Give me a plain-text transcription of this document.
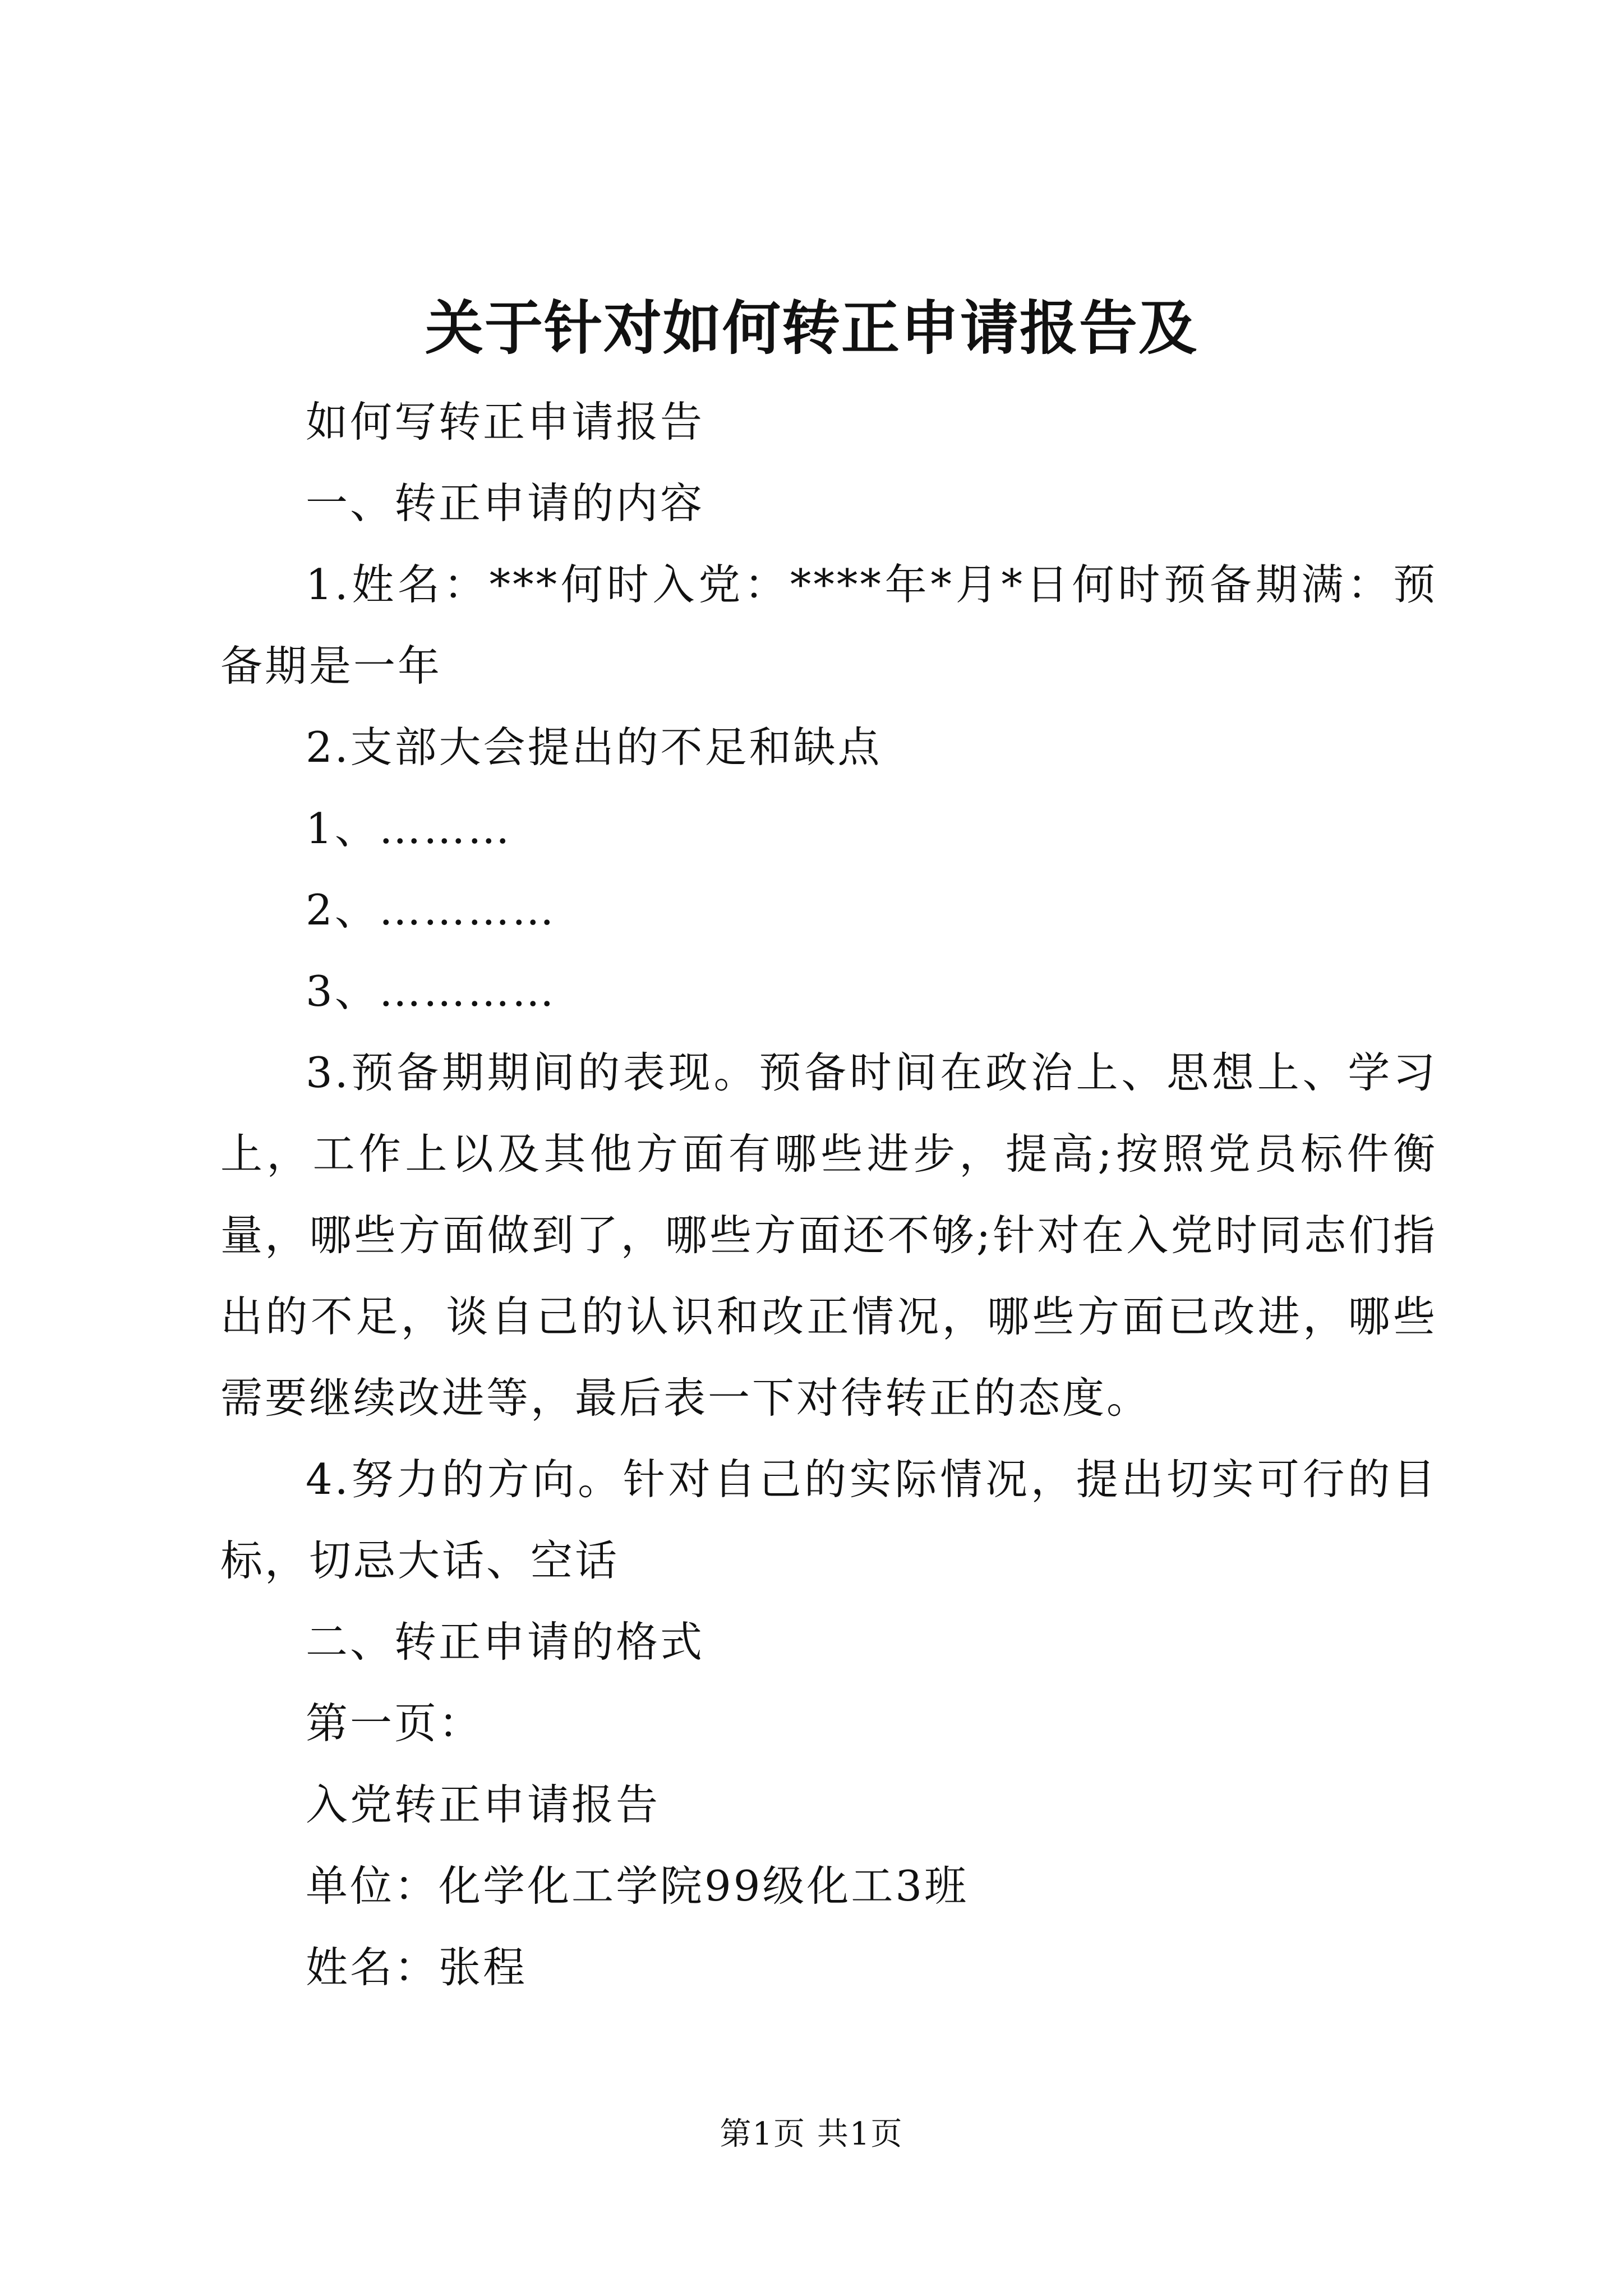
关于针对如何转正申请报告及

如何写转正申请报告

一、转正申请的内容

1.姓名：***何时入党：****年*月*日何时预备期满：预备期是一年

2.支部大会提出的不足和缺点

1、………

2、…………

3、…………

3.预备期期间的表现。预备时间在政治上、思想上、学习上，工作上以及其他方面有哪些进步，提高;按照党员标件衡量，哪些方面做到了，哪些方面还不够;针对在入党时同志们指出的不足，谈自己的认识和改正情况，哪些方面已改进，哪些需要继续改进等，最后表一下对待转正的态度。

4.努力的方向。针对自己的实际情况，提出切实可行的目标，切忌大话、空话

二、转正申请的格式

第一页：

入党转正申请报告

单位：化学化工学院99级化工3班

姓名：张程

第1页 共1页
